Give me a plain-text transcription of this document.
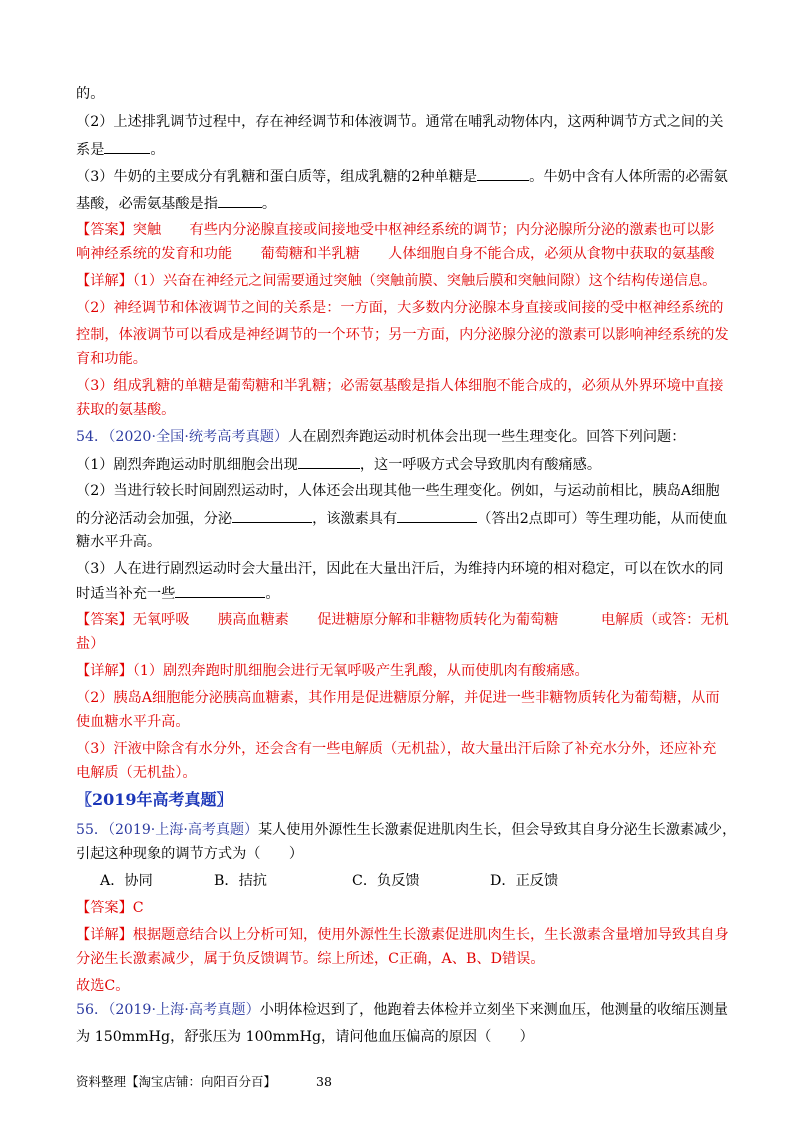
的。
（2）上述排乳调节过程中，存在神经调节和体液调节。通常在哺乳动物体内，这两种调节方式之间的关
系是	。
（3）牛奶的主要成分有乳糖和蛋白质等，组成乳糖的2种单糖是	。牛奶中含有人体所需的必需氨
基酸，必需氨基酸是指	。
【答案】突触　　有些内分泌腺直接或间接地受中枢神经系统的调节；内分泌腺所分泌的激素也可以影
响神经系统的发育和功能　　葡萄糖和半乳糖　　人体细胞自身不能合成，必须从食物中获取的氨基酸
【详解】（1）兴奋在神经元之间需要通过突触（突触前膜、突触后膜和突触间隙）这个结构传递信息。
（2）神经调节和体液调节之间的关系是：一方面，大多数内分泌腺本身直接或间接的受中枢神经系统的
控制，体液调节可以看成是神经调节的一个环节；另一方面，内分泌腺分泌的激素可以影响神经系统的发
育和功能。
（3）组成乳糖的单糖是葡萄糖和半乳糖；必需氨基酸是指人体细胞不能合成的，必须从外界环境中直接
获取的氨基酸。
54．（2020·全国·统考高考真题）人在剧烈奔跑运动时机体会出现一些生理变化。回答下列问题：
（1）剧烈奔跑运动时肌细胞会出现	，这一呼吸方式会导致肌肉有酸痛感。
（2）当进行较长时间剧烈运动时，人体还会出现其他一些生理变化。例如，与运动前相比，胰岛A细胞
的分泌活动会加强，分泌	，该激素具有	（答出2点即可）等生理功能，从而使血
糖水平升高。
（3）人在进行剧烈运动时会大量出汗，因此在大量出汗后，为维持内环境的相对稳定，可以在饮水的同
时适当补充一些	。
【答案】无氧呼吸　　胰高血糖素　　促进糖原分解和非糖物质转化为葡萄糖　　　电解质（或答：无机
盐）
【详解】（1）剧烈奔跑时肌细胞会进行无氧呼吸产生乳酸，从而使肌肉有酸痛感。
（2）胰岛A细胞能分泌胰高血糖素，其作用是促进糖原分解，并促进一些非糖物质转化为葡萄糖，从而
使血糖水平升高。
（3）汗液中除含有水分外，还会含有一些电解质（无机盐），故大量出汗后除了补充水分外，还应补充
电解质（无机盐）。
〖2019年高考真题〗
55．（2019·上海·高考真题）某人使用外源性生长激素促进肌肉生长，但会导致其自身分泌生长激素减少，
引起这种现象的调节方式为（　　）
A．协同	B．拮抗	C．负反馈	D．正反馈
【答案】C
【详解】根据题意结合以上分析可知，使用外源性生长激素促进肌肉生长，生长激素含量增加导致其自身
分泌生长激素减少，属于负反馈调节。综上所述，C正确，A、B、D错误。
故选C。
56．（2019·上海·高考真题）小明体检迟到了，他跑着去体检并立刻坐下来测血压，他测量的收缩压测量
为 150mmHg，舒张压为 100mmHg，请问他血压偏高的原因（　　）
资料整理【淘宝店铺：向阳百分百】	38
